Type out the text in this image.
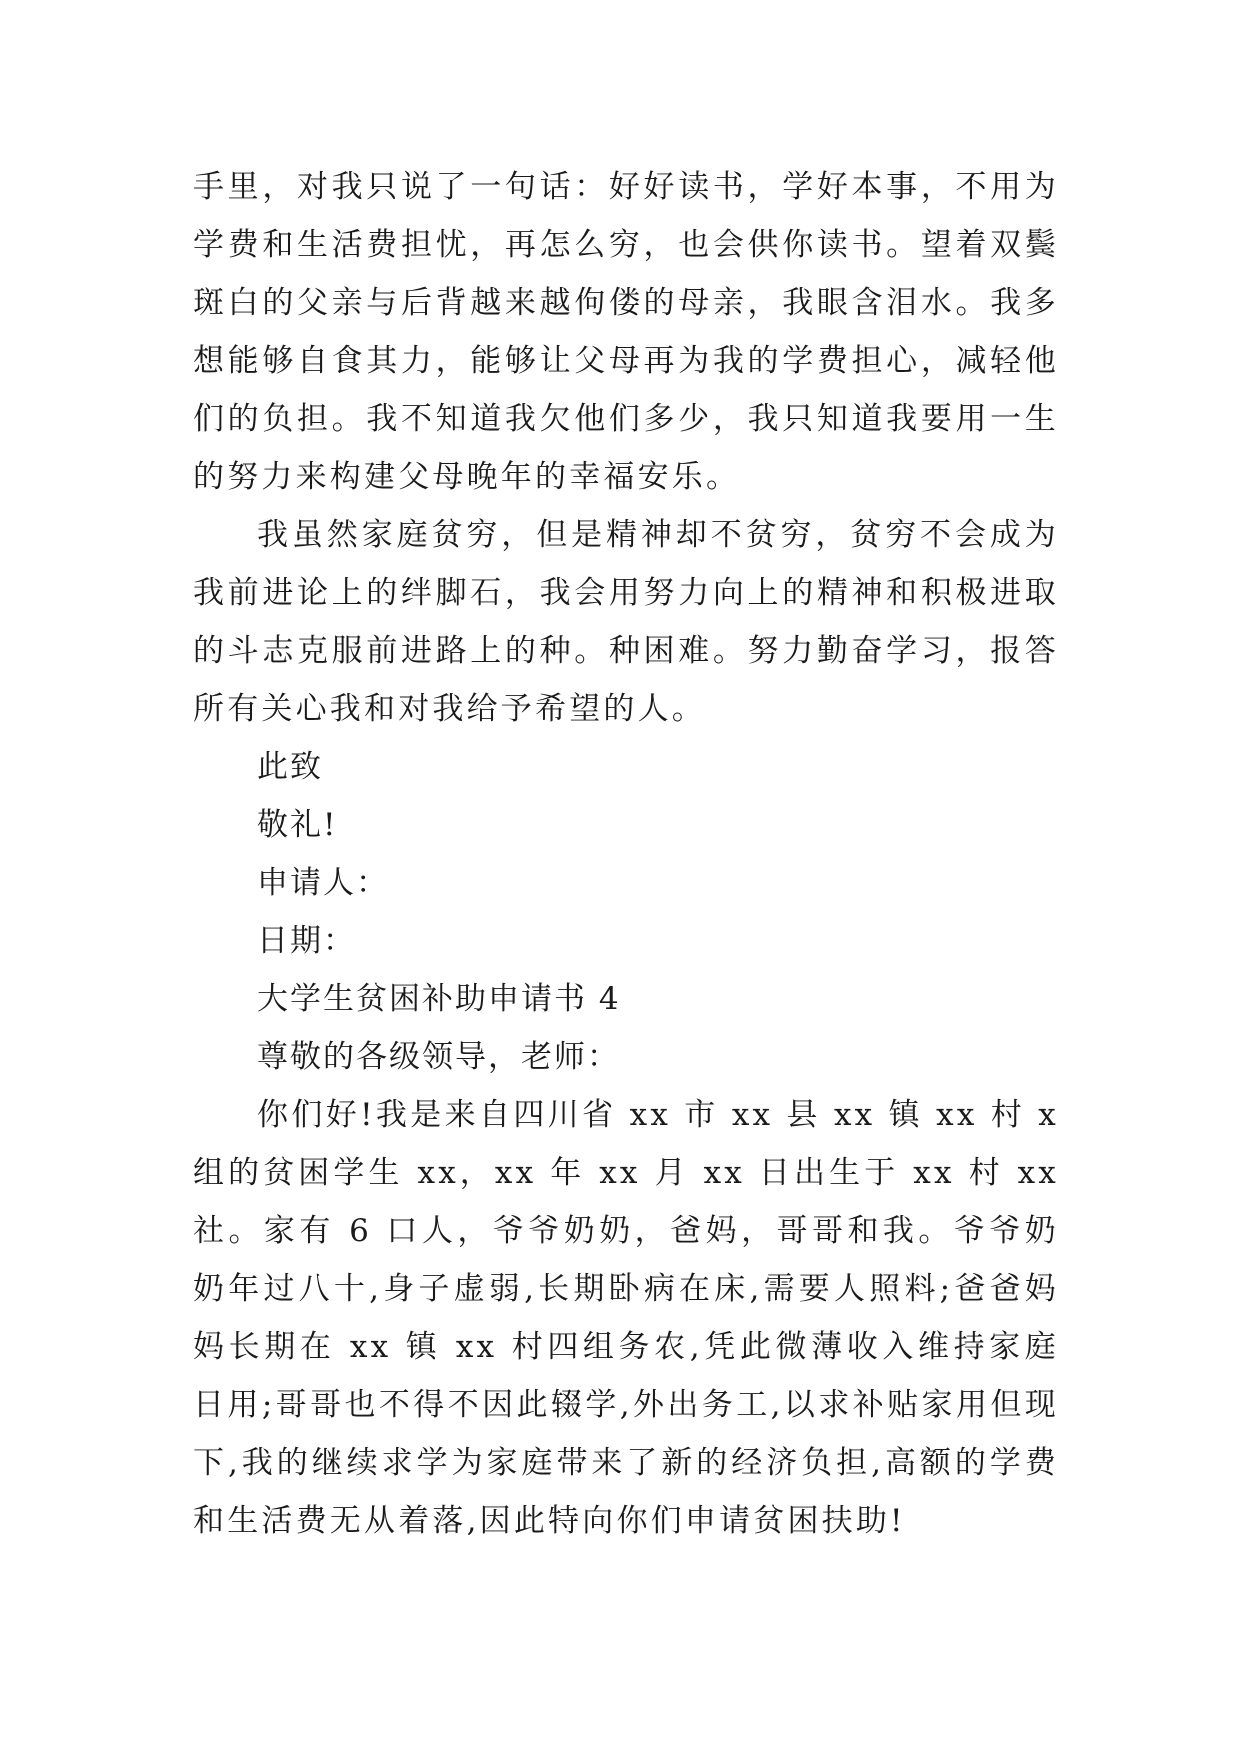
手里，对我只说了一句话：好好读书，学好本事，不用为学费和生活费担忧，再怎么穷，也会供你读书。望着双鬓斑白的父亲与后背越来越佝偻的母亲，我眼含泪水。我多想能够自食其力，能够让父母再为我的学费担心，减轻他们的负担。我不知道我欠他们多少，我只知道我要用一生的努力来构建父母晚年的幸福安乐。

我虽然家庭贫穷，但是精神却不贫穷，贫穷不会成为我前进论上的绊脚石，我会用努力向上的精神和积极进取的斗志克服前进路上的种。种困难。努力勤奋学习，报答所有关心我和对我给予希望的人。

此致

敬礼!

申请人：

日期：

大学生贫困补助申请书 4

尊敬的各级领导，老师：

你们好!我是来自四川省 xx 市 xx 县 xx 镇 xx 村 x 组的贫困学生 xx，xx 年 xx 月 xx 日出生于 xx 村 xx 社。家有 6 口人，爷爷奶奶，爸妈，哥哥和我。爷爷奶奶年过八十,身子虚弱,长期卧病在床,需要人照料;爸爸妈妈长期在 xx 镇 xx 村四组务农,凭此微薄收入维持家庭日用;哥哥也不得不因此辍学,外出务工,以求补贴家用但现下,我的继续求学为家庭带来了新的经济负担,高额的学费和生活费无从着落,因此特向你们申请贫困扶助!
